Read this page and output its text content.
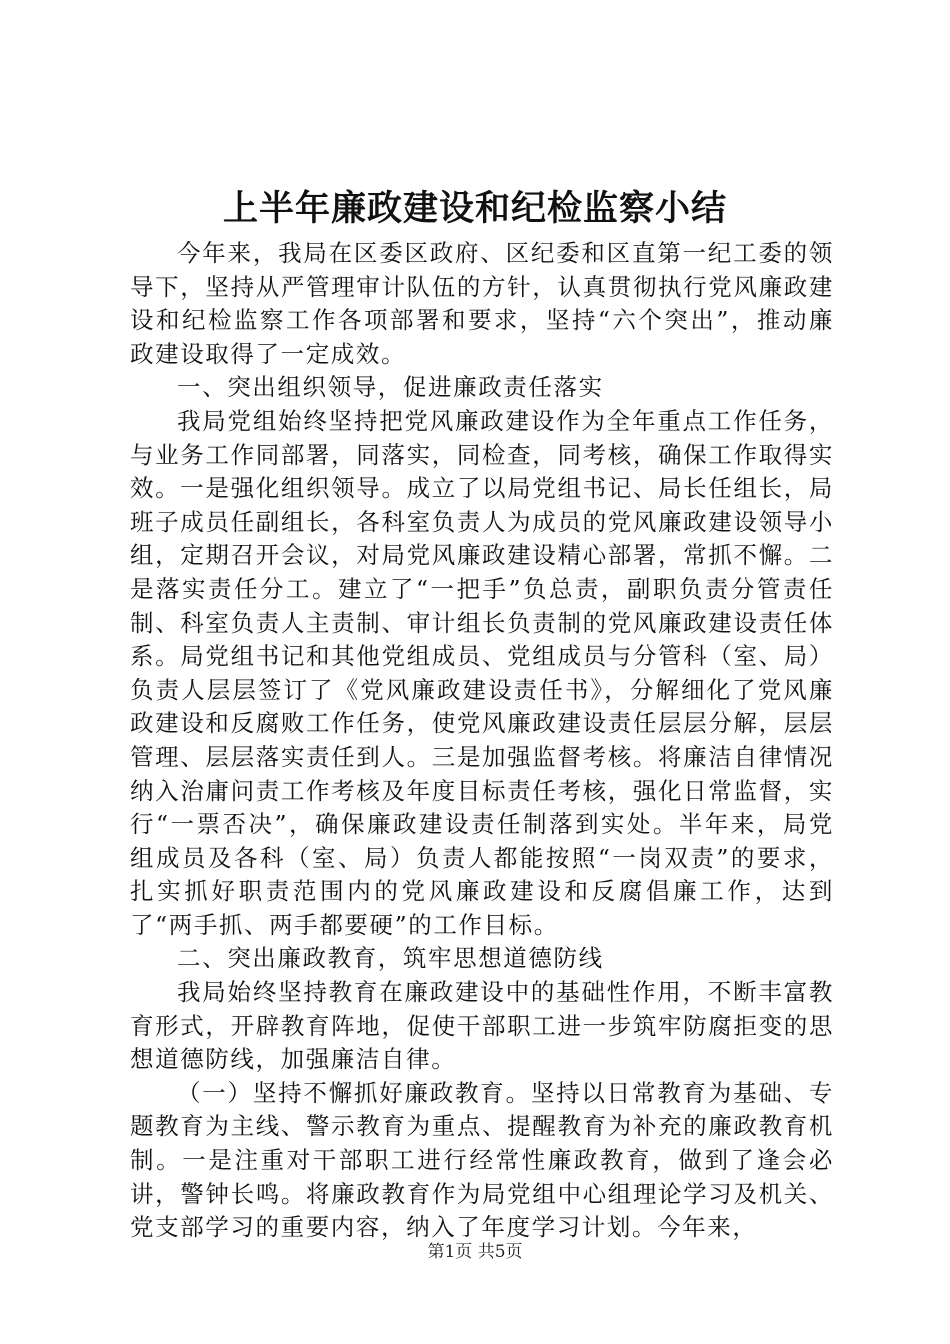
上半年廉政建设和纪检监察小结

今年来，我局在区委区政府、区纪委和区直第一纪工委的领导下，坚持从严管理审计队伍的方针，认真贯彻执行党风廉政建设和纪检监察工作各项部署和要求，坚持“六个突出”，推动廉政建设取得了一定成效。

一、突出组织领导，促进廉政责任落实

我局党组始终坚持把党风廉政建设作为全年重点工作任务，与业务工作同部署，同落实，同检查，同考核，确保工作取得实效。一是强化组织领导。成立了以局党组书记、局长任组长，局班子成员任副组长，各科室负责人为成员的党风廉政建设领导小组，定期召开会议，对局党风廉政建设精心部署，常抓不懈。二是落实责任分工。建立了“一把手”负总责，副职负责分管责任制、科室负责人主责制、审计组长负责制的党风廉政建设责任体系。局党组书记和其他党组成员、党组成员与分管科（室、局）负责人层层签订了《党风廉政建设责任书》，分解细化了党风廉政建设和反腐败工作任务，使党风廉政建设责任层层分解，层层管理、层层落实责任到人。三是加强监督考核。将廉洁自律情况纳入治庸问责工作考核及年度目标责任考核，强化日常监督，实行“一票否决”，确保廉政建设责任制落到实处。半年来，局党组成员及各科（室、局）负责人都能按照“一岗双责”的要求，扎实抓好职责范围内的党风廉政建设和反腐倡廉工作，达到了“两手抓、两手都要硬”的工作目标。

二、突出廉政教育，筑牢思想道德防线

我局始终坚持教育在廉政建设中的基础性作用，不断丰富教育形式，开辟教育阵地，促使干部职工进一步筑牢防腐拒变的思想道德防线，加强廉洁自律。

（一）坚持不懈抓好廉政教育。坚持以日常教育为基础、专题教育为主线、警示教育为重点、提醒教育为补充的廉政教育机制。一是注重对干部职工进行经常性廉政教育，做到了逢会必讲，警钟长鸣。将廉政教育作为局党组中心组理论学习及机关、党支部学习的重要内容，纳入了年度学习计划。今年来，

第1页 共5页
